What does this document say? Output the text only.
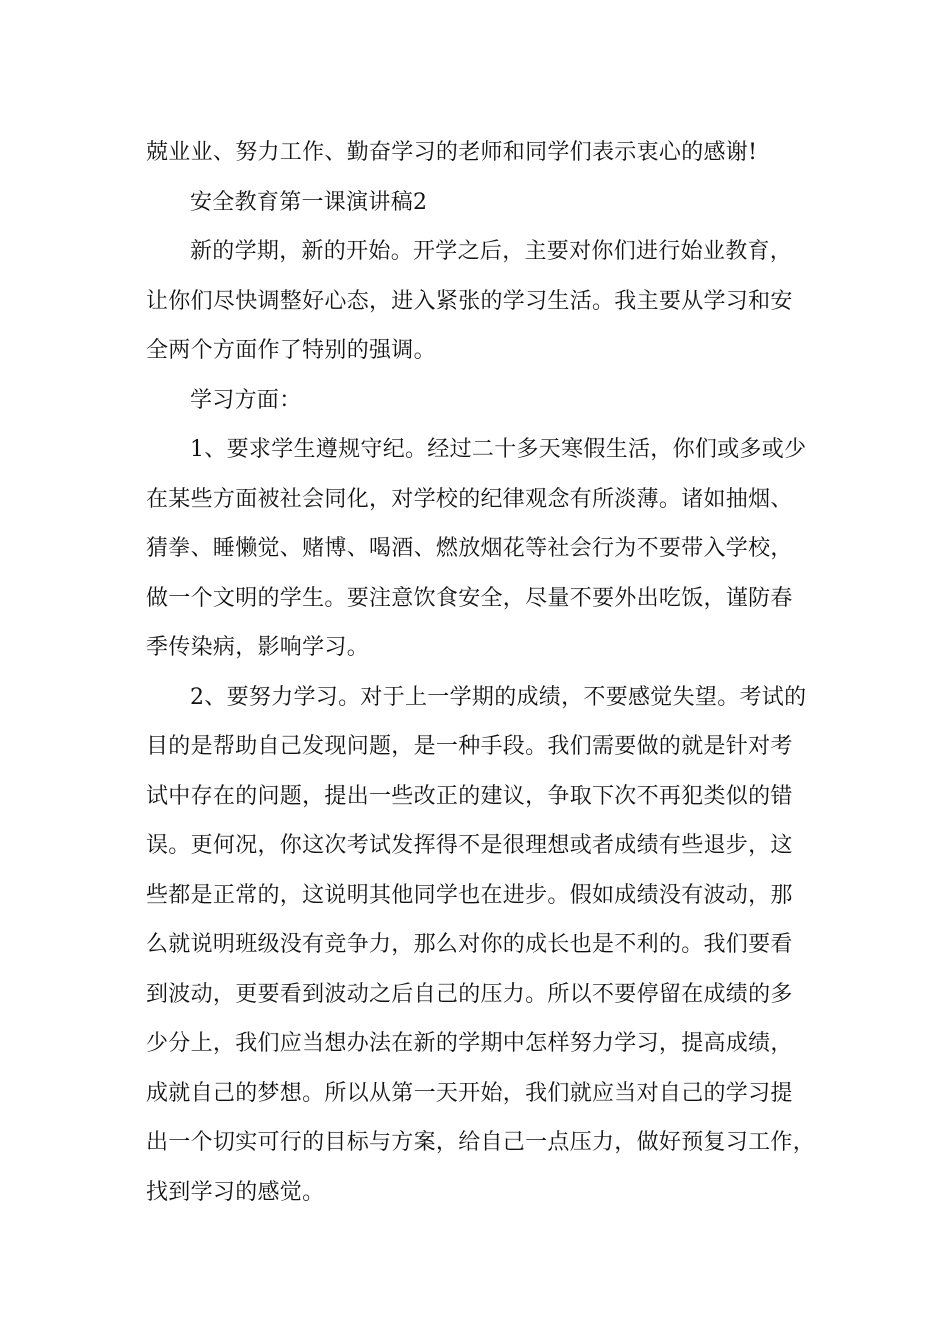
兢业业、努力工作、勤奋学习的老师和同学们表示衷心的感谢!
安全教育第一课演讲稿2
新的学期，新的开始。开学之后，主要对你们进行始业教育，
让你们尽快调整好心态，进入紧张的学习生活。我主要从学习和安
全两个方面作了特别的强调。
学习方面：
1、要求学生遵规守纪。经过二十多天寒假生活，你们或多或少
在某些方面被社会同化，对学校的纪律观念有所淡薄。诸如抽烟、
猜拳、睡懒觉、赌博、喝酒、燃放烟花等社会行为不要带入学校，
做一个文明的学生。要注意饮食安全，尽量不要外出吃饭，谨防春
季传染病，影响学习。
2、要努力学习。对于上一学期的成绩，不要感觉失望。考试的
目的是帮助自己发现问题，是一种手段。我们需要做的就是针对考
试中存在的问题，提出一些改正的建议，争取下次不再犯类似的错
误。更何况，你这次考试发挥得不是很理想或者成绩有些退步，这
些都是正常的，这说明其他同学也在进步。假如成绩没有波动，那
么就说明班级没有竞争力，那么对你的成长也是不利的。我们要看
到波动，更要看到波动之后自己的压力。所以不要停留在成绩的多
少分上，我们应当想办法在新的学期中怎样努力学习，提高成绩，
成就自己的梦想。所以从第一天开始，我们就应当对自己的学习提
出一个切实可行的目标与方案，给自己一点压力，做好预复习工作，
找到学习的感觉。
